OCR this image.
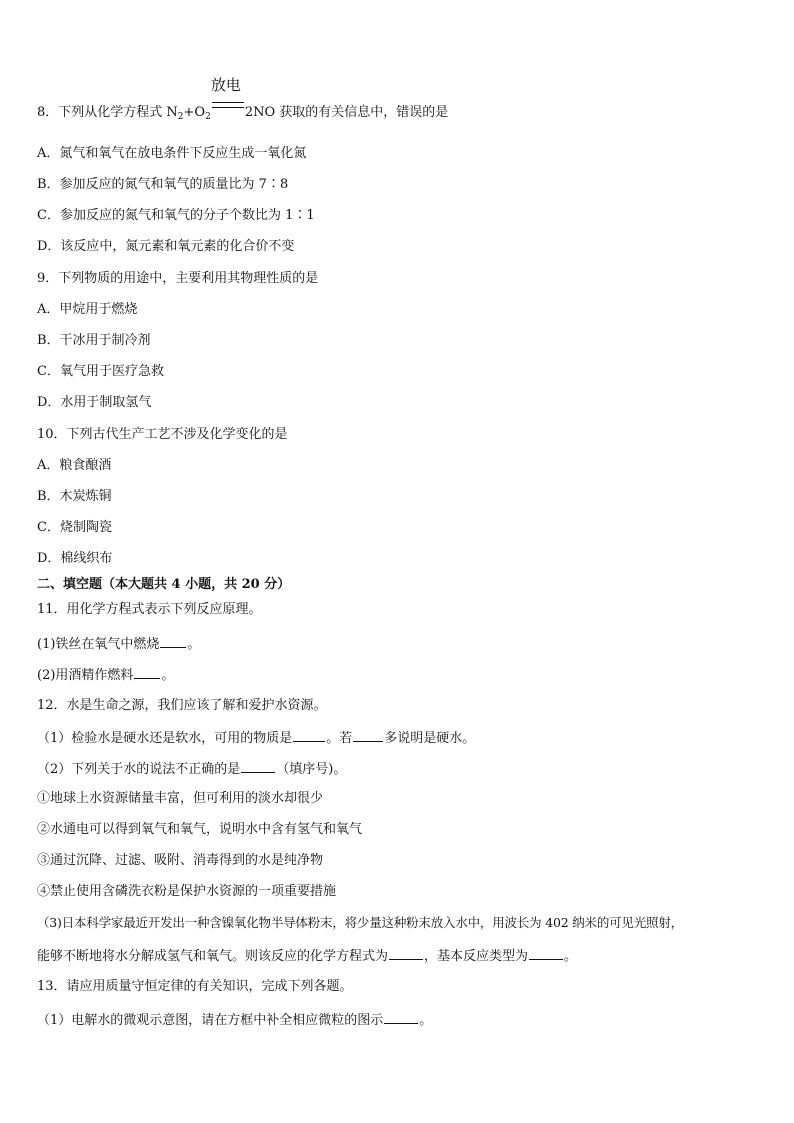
8．下列从化学方程式 $N_2+O_2$
放电
2NO 获取的有关信息中，错误的是
A．氮气和氧气在放电条件下反应生成一氧化氮
B．参加反应的氮气和氧气的质量比为 7∶8
C．参加反应的氮气和氧气的分子个数比为 1∶1
D．该反应中，氮元素和氧元素的化合价不变
9．下列物质的用途中，主要利用其物理性质的是
A．甲烷用于燃烧
B．干冰用于制冷剂
C．氧气用于医疗急救
D．水用于制取氢气
10．下列古代生产工艺不涉及化学变化的是
A．粮食酿酒
B．木炭炼铜
C．烧制陶瓷
D．棉线织布
二、填空题（本大题共 4 小题，共 20 分）
11．用化学方程式表示下列反应原理。
(1)铁丝在氧气中燃烧 。
(2)用酒精作燃料 。
12．水是生命之源，我们应该了解和爱护水资源。
（1）检验水是硬水还是软水，可用的物质是	。若 多说明是硬水。
（2）下列关于水的说法不正确的是	（填序号)。
①地球上水资源储量丰富，但可利用的淡水却很少
②水通电可以得到氧气和氧气，说明水中含有氢气和氧气
③通过沉降、过滤、吸附、消毒得到的水是纯净物
④禁止使用含磷洗衣粉是保护水资源的一项重要措施
（3)日本科学家最近开发出一种含镍氧化物半导体粉末，将少量这种粉末放入水中，用波长为 402 纳米的可见光照射，
能够不断地将水分解成氢气和氧气。则该反应的化学方程式为	，基本反应类型为	。
13．请应用质量守恒定律的有关知识，完成下列各题。
（1）电解水的微观示意图，请在方框中补全相应微粒的图示	。
